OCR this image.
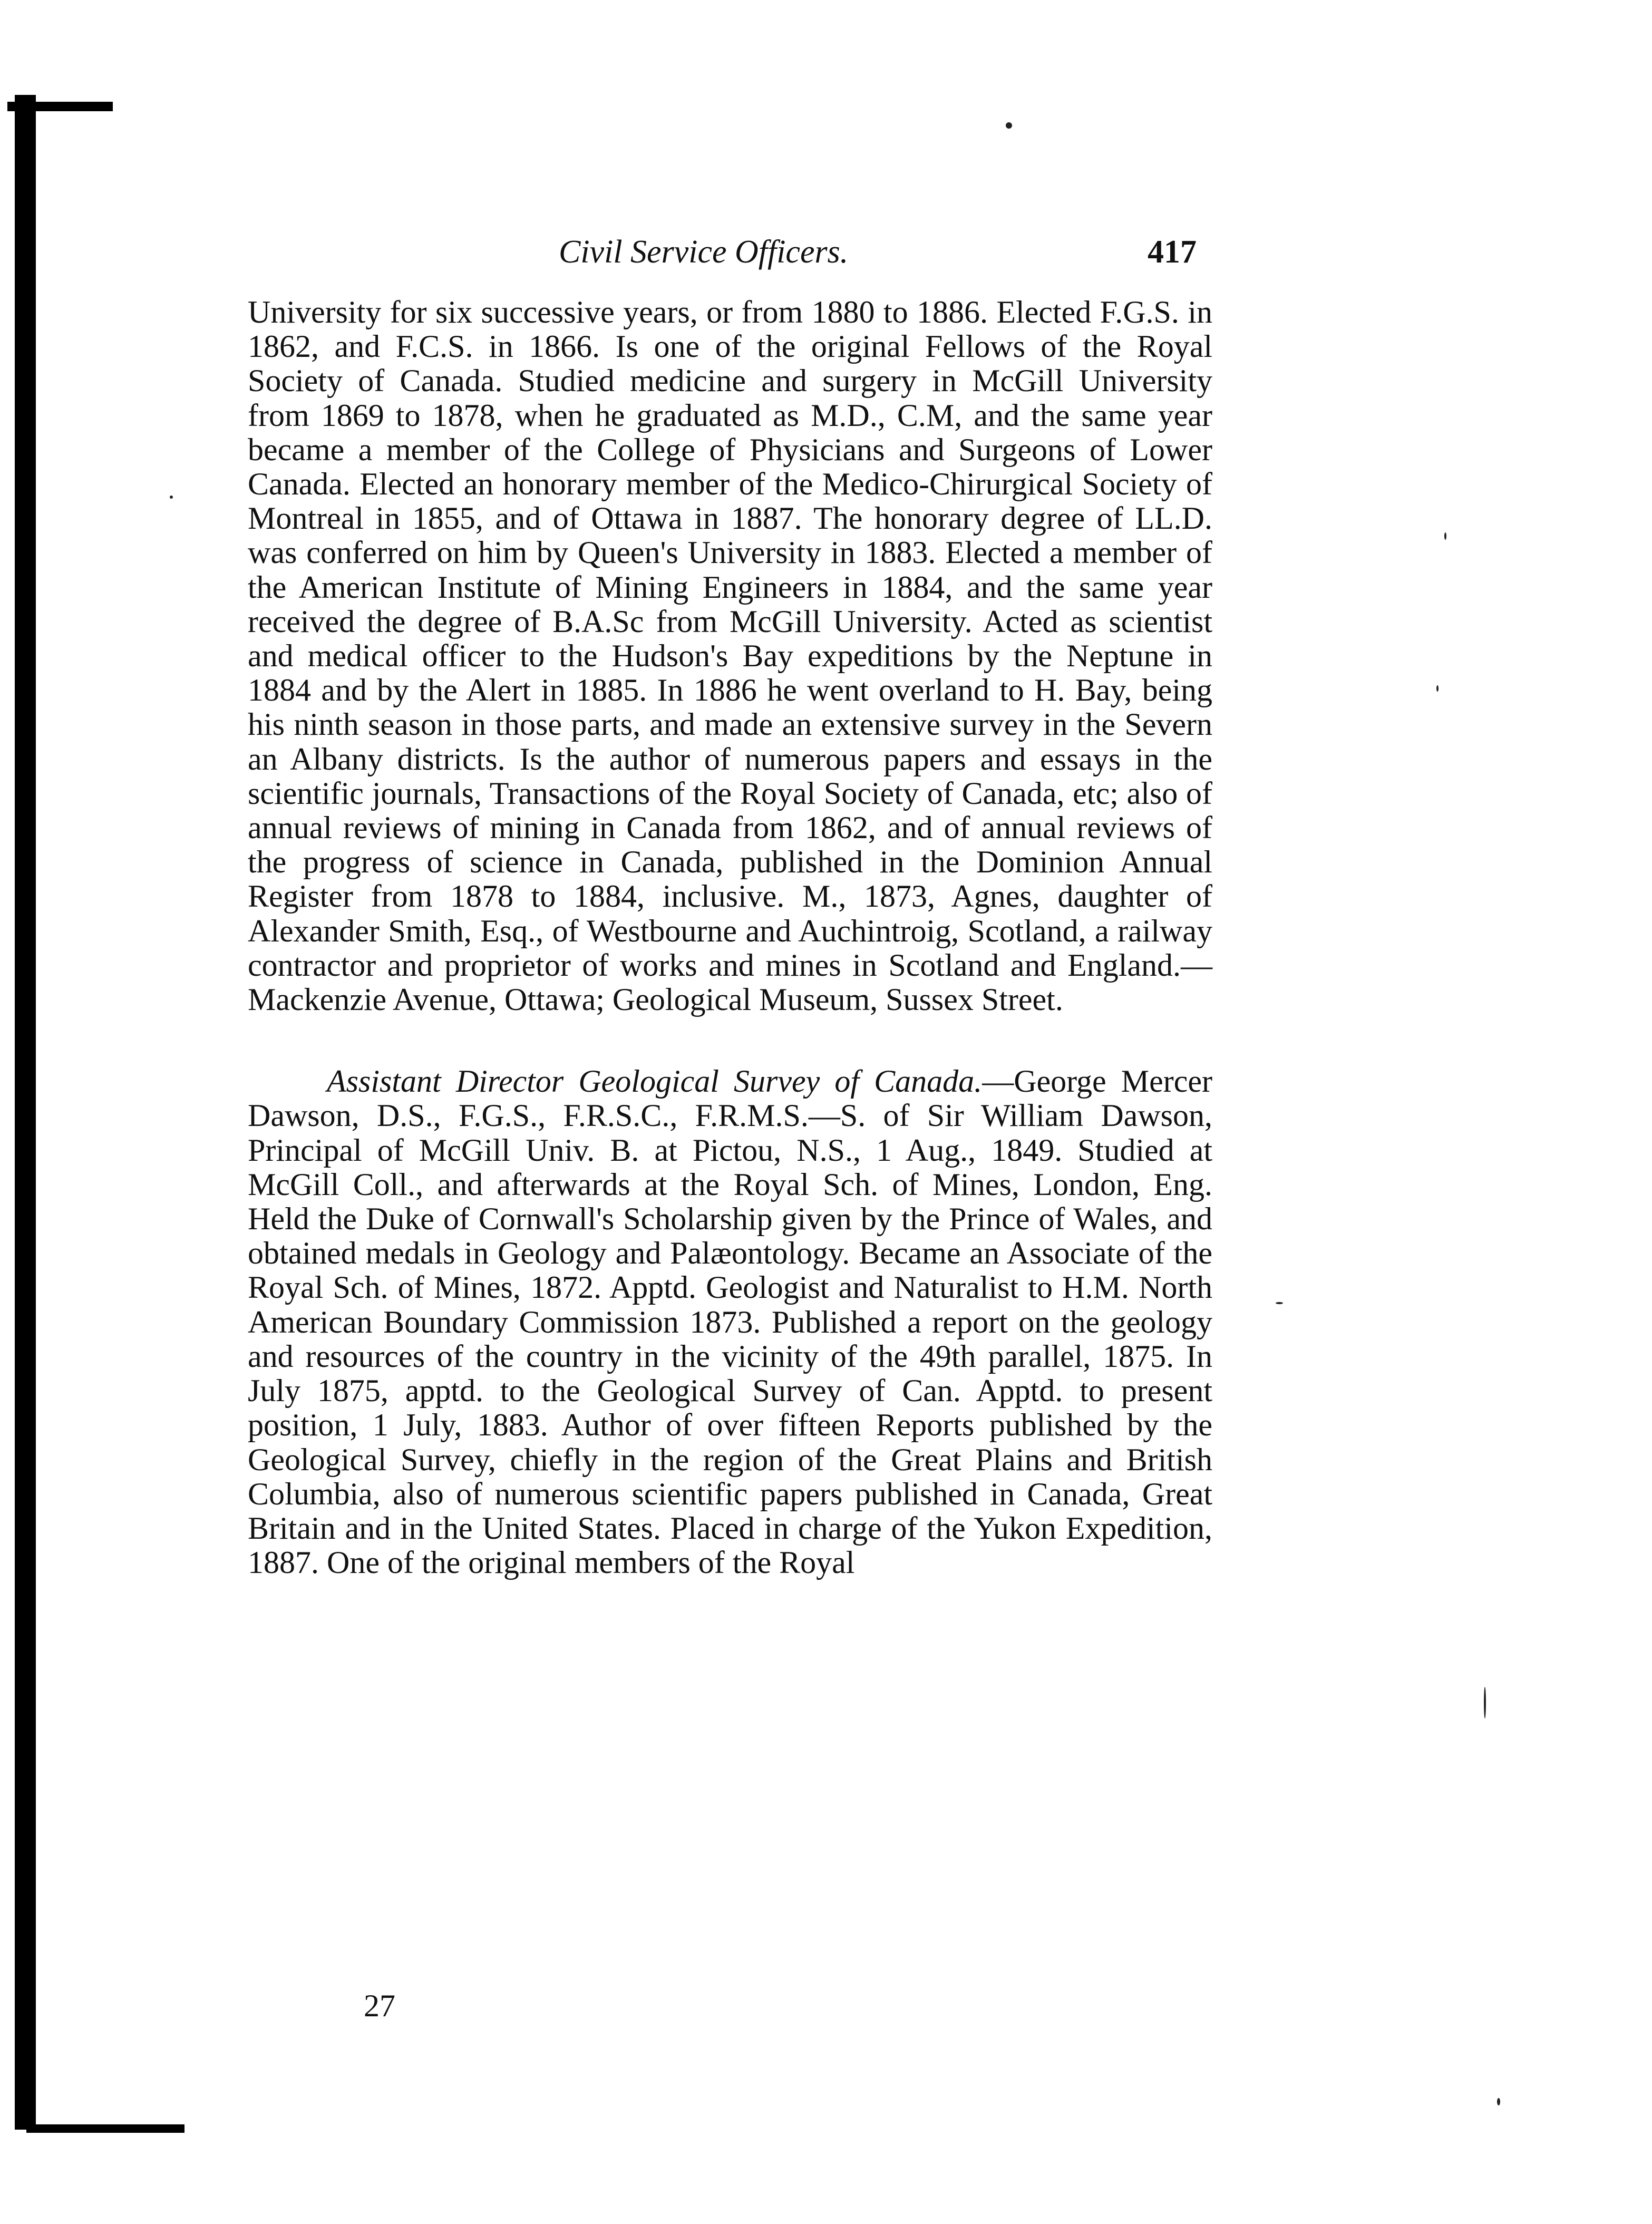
Civil Service Officers.	417

University for six successive years, or from 1880 to 1886. Elected F.G.S. in 1862, and F.C.S. in 1866. Is one of the original Fellows of the Royal Society of Canada. Studied medicine and surgery in McGill University from 1869 to 1878, when he graduated as M.D., C.M, and the same year became a member of the College of Physicians and Surgeons of Lower Canada. Elected an honorary member of the Medico-Chirurgical Society of Montreal in 1855, and of Ottawa in 1887. The honorary degree of LL.D. was conferred on him by Queen's University in 1883. Elected a member of the American Institute of Mining Engineers in 1884, and the same year received the degree of B.A.Sc from McGill University. Acted as scientist and medical officer to the Hudson's Bay expeditions by the Neptune in 1884 and by the Alert in 1885. In 1886 he went overland to H. Bay, being his ninth season in those parts, and made an extensive survey in the Severn an Albany districts. Is the author of numerous papers and essays in the scientific journals, Transactions of the Royal Society of Canada, etc; also of annual reviews of mining in Canada from 1862, and of annual reviews of the progress of science in Canada, published in the Dominion Annual Register from 1878 to 1884, inclusive. M., 1873, Agnes, daughter of Alexander Smith, Esq., of Westbourne and Auchintroig, Scotland, a railway contractor and proprietor of works and mines in Scotland and England.—Mackenzie Avenue, Ottawa; Geological Museum, Sussex Street.

Assistant Director Geological Survey of Canada.—George Mercer Dawson, D.S., F.G.S., F.R.S.C., F.R.M.S.—S. of Sir William Dawson, Principal of McGill Univ. B. at Pictou, N.S., 1 Aug., 1849. Studied at McGill Coll., and afterwards at the Royal Sch. of Mines, London, Eng. Held the Duke of Cornwall's Scholarship given by the Prince of Wales, and obtained medals in Geology and Palæontology. Became an Associate of the Royal Sch. of Mines, 1872. Apptd. Geologist and Naturalist to H.M. North American Boundary Commission 1873. Published a report on the geology and resources of the country in the vicinity of the 49th parallel, 1875. In July 1875, apptd. to the Geological Survey of Can. Apptd. to present position, 1 July, 1883. Author of over fifteen Reports published by the Geological Survey, chiefly in the region of the Great Plains and British Columbia, also of numerous scientific papers published in Canada, Great Britain and in the United States. Placed in charge of the Yukon Expedition, 1887. One of the original members of the Royal

27
